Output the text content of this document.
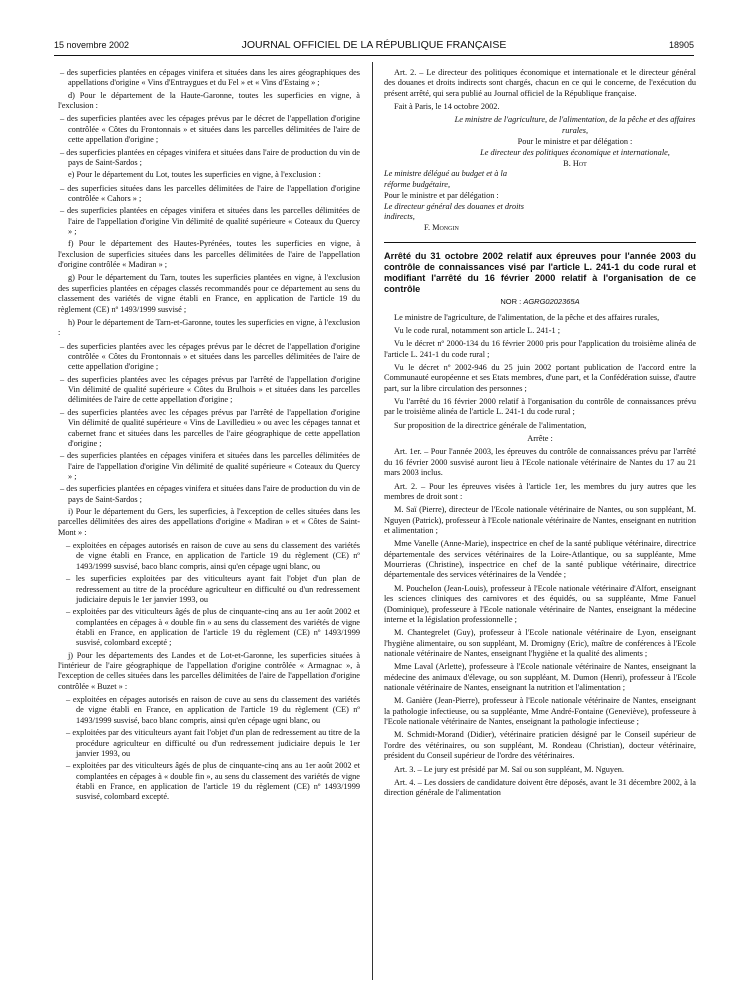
15 novembre 2002	JOURNAL OFFICIEL DE LA RÉPUBLIQUE FRANÇAISE	18905

– des superficies plantées en cépages vinifera et situées dans les aires géographiques des appellations d'origine « Vins d'Entraygues et du Fel » et « Vins d'Estaing » ;

d) Pour le département de la Haute-Garonne, toutes les superficies en vigne, à l'exclusion :

– des superficies plantées avec les cépages prévus par le décret de l'appellation d'origine contrôlée « Côtes du Frontonnais » et situées dans les parcelles délimitées de l'aire de cette appellation d'origine ;

– des superficies plantées en cépages vinifera et situées dans l'aire de production du vin de pays de Saint-Sardos ;

e) Pour le département du Lot, toutes les superficies en vigne, à l'exclusion :

– des superficies situées dans les parcelles délimitées de l'aire de l'appellation d'origine contrôlée « Cahors » ;

– des superficies plantées en cépages vinifera et situées dans les parcelles délimitées de l'aire de l'appellation d'origine Vin délimité de qualité supérieure « Coteaux du Quercy » ;

f) Pour le département des Hautes-Pyrénées, toutes les superficies en vigne, à l'exclusion de superficies situées dans les parcelles délimitées de l'aire de l'appellation d'origine contrôlée « Madiran » ;

g) Pour le département du Tarn, toutes les superficies plantées en vigne, à l'exclusion des superficies plantées en cépages classés recommandés pour ce département au sens du classement des variétés de vigne établi en France, en application de l'article 19 du règlement (CE) nº 1493/1999 susvisé ;

h) Pour le département de Tarn-et-Garonne, toutes les superficies en vigne, à l'exclusion :

– des superficies plantées avec les cépages prévus par le décret de l'appellation d'origine contrôlée « Côtes du Frontonnais » et situées dans les parcelles délimitées de l'aire de cette appellation d'origine ;

– des superficies plantées avec les cépages prévus par l'arrêté de l'appellation d'origine Vin délimité de qualité supérieure « Côtes du Brulhois » et situées dans les parcelles délimitées de l'aire de cette appellation d'origine ;

– des superficies plantées avec les cépages prévus par l'arrêté de l'appellation d'origine Vin délimité de qualité supérieure « Vins de Lavilledieu » ou avec les cépages tannat et cabernet franc et situées dans les parcelles de l'aire géographique de cette appellation d'origine ;

– des superficies plantées en cépages vinifera et situées dans les parcelles délimitées de l'aire de l'appellation d'origine Vin délimité de qualité supérieure « Coteaux du Quercy » ;

– des superficies plantées en cépages vinifera et situées dans l'aire de production du vin de pays de Saint-Sardos ;

i) Pour le département du Gers, les superficies, à l'exception de celles situées dans les parcelles délimitées des aires des appellations d'origine « Madiran » et « Côtes de Saint-Mont » :

– exploitées en cépages autorisés en raison de cuve au sens du classement des variétés de vigne établi en France, en application de l'article 19 du règlement (CE) nº 1493/1999 susvisé, baco blanc compris, ainsi qu'en cépage ugni blanc, ou

– les superficies exploitées par des viticulteurs ayant fait l'objet d'un plan de redressement au titre de la procédure agriculteur en difficulté ou d'un redressement judiciaire depuis le 1er janvier 1993, ou

– exploitées par des viticulteurs âgés de plus de cinquante-cinq ans au 1er août 2002 et complantées en cépages à « double fin » au sens du classement des variétés de vigne établi en France, en application de l'article 19 du règlement (CE) nº 1493/1999 susvisé, colombard excepté ;

j) Pour les départements des Landes et de Lot-et-Garonne, les superficies situées à l'intérieur de l'aire géographique de l'appellation d'origine contrôlée « Armagnac », à l'exception de celles situées dans les parcelles délimitées de l'aire de l'appellation d'origine contrôlée « Buzet » :

– exploitées en cépages autorisés en raison de cuve au sens du classement des variétés de vigne établi en France, en application de l'article 19 du règlement (CE) nº 1493/1999 susvisé, baco blanc compris, ainsi qu'en cépage ugni blanc, ou

– exploitées par des viticulteurs ayant fait l'objet d'un plan de redressement au titre de la procédure agriculteur en difficulté ou d'un redressement judiciaire depuis le 1er janvier 1993, ou

– exploitées par des viticulteurs âgés de plus de cinquante-cinq ans au 1er août 2002 et complantées en cépages à « double fin », au sens du classement des variétés de vigne établi en France, en application de l'article 19 du règlement (CE) nº 1493/1999 susvisé, colombard excepté.

Art. 2. – Le directeur des politiques économique et internationale et le directeur général des douanes et droits indirects sont chargés, chacun en ce qui le concerne, de l'exécution du présent arrêté, qui sera publié au Journal officiel de la République française.

Fait à Paris, le 14 octobre 2002.

Le ministre de l'agriculture, de l'alimentation, de la pêche et des affaires rurales,
Pour le ministre et par délégation :
Le directeur des politiques économique et internationale,
B. Hot
Le ministre délégué au budget et à la réforme budgétaire,
Pour le ministre et par délégation :
Le directeur général des douanes et droits indirects,
F. Mongin
Arrêté du 31 octobre 2002 relatif aux épreuves pour l'année 2003 du contrôle de connaissances visé par l'article L. 241-1 du code rural et modifiant l'arrêté du 16 février 2000 relatif à l'organisation de ce contrôle
NOR : AGRG0202365A

Le ministre de l'agriculture, de l'alimentation, de la pêche et des affaires rurales,

Vu le code rural, notamment son article L. 241-1 ;

Vu le décret nº 2000-134 du 16 février 2000 pris pour l'application du troisième alinéa de l'article L. 241-1 du code rural ;

Vu le décret nº 2002-946 du 25 juin 2002 portant publication de l'accord entre la Communauté européenne et ses Etats membres, d'une part, et la Confédération suisse, d'autre part, sur la libre circulation des personnes ;

Vu l'arrêté du 16 février 2000 relatif à l'organisation du contrôle de connaissances prévu par le troisième alinéa de l'article L. 241-1 du code rural ;

Sur proposition de la directrice générale de l'alimentation,

Arrête :

Art. 1er. – Pour l'année 2003, les épreuves du contrôle de connaissances prévu par l'arrêté du 16 février 2000 susvisé auront lieu à l'Ecole nationale vétérinaire de Nantes du 17 au 21 mars 2003 inclus.

Art. 2. – Pour les épreuves visées à l'article 1er, les membres du jury autres que les membres de droit sont :

M. Saï (Pierre), directeur de l'Ecole nationale vétérinaire de Nantes, ou son suppléant, M. Nguyen (Patrick), professeur à l'Ecole nationale vétérinaire de Nantes, enseignant en nutrition et alimentation ;

Mme Vanelle (Anne-Marie), inspectrice en chef de la santé publique vétérinaire, directrice départementale des services vétérinaires de la Loire-Atlantique, ou sa suppléante, Mme Mourrieras (Christine), inspectrice en chef de la santé publique vétérinaire, directrice départementale des services vétérinaires de la Vendée ;

M. PoucheIon (Jean-Louis), professeur à l'Ecole nationale vétérinaire d'Alfort, enseignant les sciences cliniques des carnivores et des équidés, ou sa suppléante, Mme Fanuel (Dominique), professeure à l'Ecole nationale vétérinaire de Nantes, enseignant la médecine interne et la législation professionnelle ;

M. Chantegrelet (Guy), professeur à l'Ecole nationale vétérinaire de Lyon, enseignant l'hygiène alimentaire, ou son suppléant, M. Dromigny (Eric), maître de conférences à l'Ecole nationale vétérinaire de Nantes, enseignant l'hygiène et la qualité des aliments ;

Mme Laval (Arlette), professeure à l'Ecole nationale vétérinaire de Nantes, enseignant la médecine des animaux d'élevage, ou son suppléant, M. Dumon (Henri), professeur à l'Ecole nationale vétérinaire de Nantes, enseignant la nutrition et l'alimentation ;

M. Ganière (Jean-Pierre), professeur à l'Ecole nationale vétérinaire de Nantes, enseignant la pathologie infectieuse, ou sa suppléante, Mme André-Fontaine (Geneviève), professeure à l'Ecole nationale vétérinaire de Nantes, enseignant la pathologie infectieuse ;

M. Schmidt-Morand (Didier), vétérinaire praticien désigné par le Conseil supérieur de l'ordre des vétérinaires, ou son suppléant, M. Rondeau (Christian), docteur vétérinaire, président du Conseil supérieur de l'ordre des vétérinaires.

Art. 3. – Le jury est présidé par M. Saï ou son suppléant, M. Nguyen.

Art. 4. – Les dossiers de candidature doivent être déposés, avant le 31 décembre 2002, à la direction générale de l'alimentation
